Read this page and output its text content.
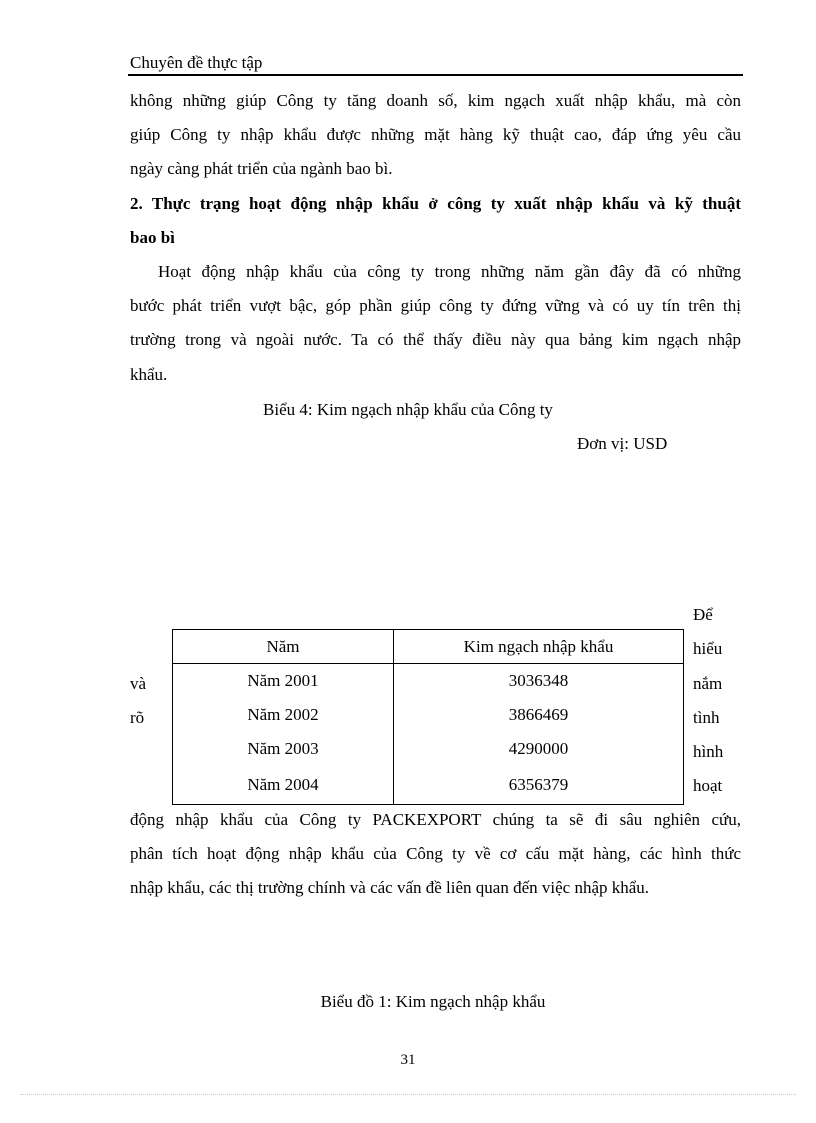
Chuyên đề thực tập
không những giúp Công ty tăng doanh số, kim ngạch xuất nhập khẩu, mà còn
giúp Công ty nhập khẩu được những mặt hàng kỹ thuật cao, đáp ứng yêu cầu
ngày càng phát triển của ngành bao bì.
2. Thực trạng hoạt động nhập khẩu ở công ty xuất nhập khẩu và kỹ thuật
bao bì
Hoạt động nhập khẩu của công ty trong những năm gần đây đã có những
bước phát triển vượt bậc, góp phần giúp công ty đứng vững và có uy tín trên thị
trường trong và ngoài nước. Ta có thể thấy điều này qua bảng kim ngạch nhập
khẩu.
Biểu 4: Kim ngạch nhập khẩu của Công ty
Đơn vị: USD
và
rõ
Để
hiểu
nắm
tình
hình
hoạt
Năm	Kim ngạch nhập khẩu
Năm 2001	3036348
Năm 2002	3866469
Năm 2003	4290000
Năm 2004	6356379
động nhập khẩu của Công ty PACKEXPORT chúng ta sẽ đi sâu nghiên cứu,
phân tích hoạt động nhập khẩu của Công ty về cơ cấu mặt hàng, các hình thức
nhập khẩu, các thị trường chính và các vấn đề liên quan đến việc nhập khẩu.
Biểu đồ 1: Kim ngạch nhập khẩu
31
